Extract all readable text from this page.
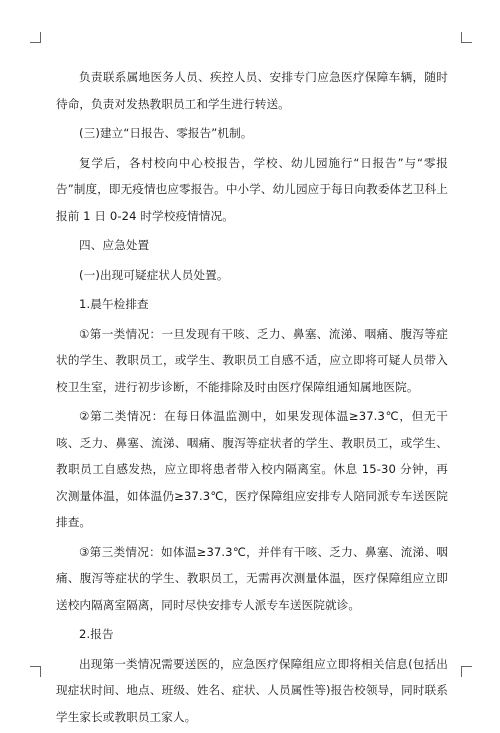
负责联系属地医务人员、疾控人员、安排专门应急医疗保障车辆，随时待命，负责对发热教职员工和学生进行转送。

(三)建立“日报告、零报告”机制。

复学后，各村校向中心校报告，学校、幼儿园施行“日报告”与“零报告”制度，即无疫情也应零报告。中小学、幼儿园应于每日向教委体艺卫科上报前 1 日 0-24 时学校疫情情况。

四、应急处置

(一)出现可疑症状人员处置。

1.晨午检排查

①第一类情况：一旦发现有干咳、乏力、鼻塞、流涕、咽痛、腹泻等症状的学生、教职员工，或学生、教职员工自感不适，应立即将可疑人员带入校卫生室，进行初步诊断，不能排除及时由医疗保障组通知属地医院。

②第二类情况：在每日体温监测中，如果发现体温≥37.3℃，但无干咳、乏力、鼻塞、流涕、咽痛、腹泻等症状者的学生、教职员工，或学生、教职员工自感发热，应立即将患者带入校内隔离室。休息 15-30 分钟，再次测量体温，如体温仍≥37.3℃，医疗保障组应安排专人陪同派专车送医院排查。

③第三类情况：如体温≥37.3℃，并伴有干咳、乏力、鼻塞、流涕、咽痛、腹泻等症状的学生、教职员工，无需再次测量体温，医疗保障组应立即送校内隔离室隔离，同时尽快安排专人派专车送医院就诊。

2.报告

出现第一类情况需要送医的，应急医疗保障组应立即将相关信息(包括出现症状时间、地点、班级、姓名、症状、人员属性等)报告校领导，同时联系学生家长或教职员工家人。
